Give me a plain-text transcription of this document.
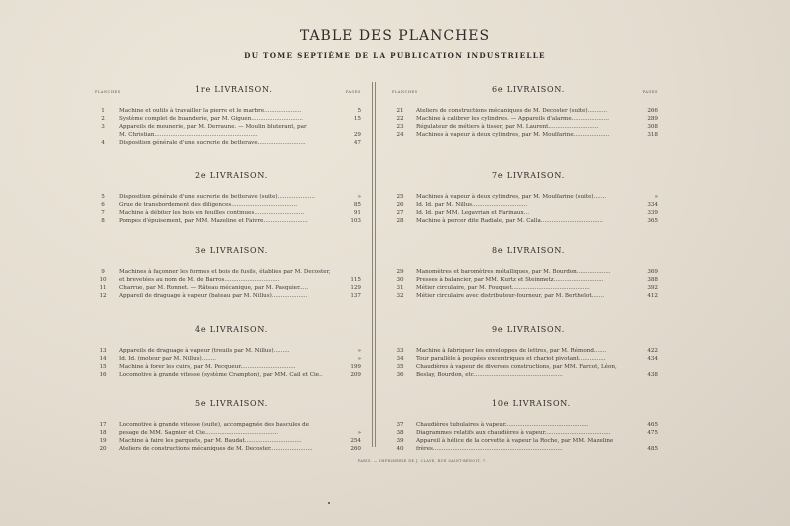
TABLE DES PLANCHES
DU TOME SEPTIÈME DE LA PUBLICATION INDUSTRIELLE
PLANCHES	PAGES
1re LIVRAISON.
1	Machine et outils à travailler la pierre et le marbre.....................	5
2	Système complet de buanderie, par M. Giguen.............................	15
3	Appareils de meunerie, par M. Derraune. — Moulin bluterant, par
M. Christian..........................................................	29
4	Disposition générale d'une sucrerie de betterave...........................	47
2e LIVRAISON.
5	Disposition générale d'une sucrerie de betterave (suite).....................	»
6	Grue de transbordement des diligences.....................................	85
7	Machine à débiter les bois en feuilles continues............................	91
8	Pompes d'épuisement, par MM. Mazeline et Faivre.........................	103
3e LIVRAISON.
9	Machines à façonner les formes et bois de fusils, établies par M. Decoster,
10	et brevetées au nom de M. de Barros...............................	115
11	Charrue, par M. Ronnet. — Râteau mécanique, par M. Pasquier.....	129
12	Appareil de draguage à vapeur (bateau par M. Nillus)....................	137
4e LIVRAISON.
13	Appareils de draguage à vapeur (treuils par M. Nillus).........	»
14	Id. Id. (moteur par M. Nillus)........	»
15	Machine à forer les cuirs, par M. Pecqueur...............................	199
16	Locomotive à grande vitesse (système Crampton), par MM. Cail et Cie..	209
5e LIVRAISON.
17	Locomotive à grande vitesse (suite), accompagnée des bascules de
18	pesage de MM. Sagnier et Cie.........................................	»
19	Machine à faire les parquets, par M. Baudat................................	254
20	Ateliers de constructions mécaniques de M. Decoster........................	260
PLANCHES	PAGES
6e LIVRAISON.
21	Ateliers de constructions mécaniques de M. Decoster (suite)...........	266
22	Machine à calibrer les cylindres. — Appareils d'alarme.....................	289
23	Régulateur de métiers à tisser, par M. Laurent............................	308
24	Machines à vapeur à deux cylindres, par M. Moulfarine....................	318
7e LIVRAISON.
25	Machines à vapeur à deux cylindres, par M. Moulfarine (suite).......	»
26	Id. Id. par M. Nillus...............................	334
27	Id. Id. par MM. Legavrian et Farinaux...	339
28	Machine à percer dite Radiale, par M. Calla...................................	365
8e LIVRAISON.
29	Manomètres et baromètres métalliques, par M. Bourdon...................	369
30	Presses à balancier, par MM. Kurtz et Steinmetz............................	388
31	Métier circulaire, par M. Fouquet............................................	392
32	Métier circulaire avec distributeur-fourneur, par M. Berthelot.......	412
9e LIVRAISON.
33	Machine à fabriquer les enveloppes de lettres, par M. Rémond.......	422
34	Tour parallèle à poupées excentriques et chariot pivotant...............	434
35	Chaudières à vapeur de diverses constructions, par MM. Farcot, Léon,
36	Beslay, Bourdon, etc..................................................	438
10e LIVRAISON.
37	Chaudières tubulaires à vapeur...............................................	465
38	Diagrammes relatifs aux chaudières à vapeur.....................................	475
39	Appareil à hélice de la corvette à vapeur la Roche, par MM. Mazeline
40	frères.........................................................................	485
PARIS. — IMPRIMERIE DE J. CLAYE, RUE SAINT-BENOIT, 7.
